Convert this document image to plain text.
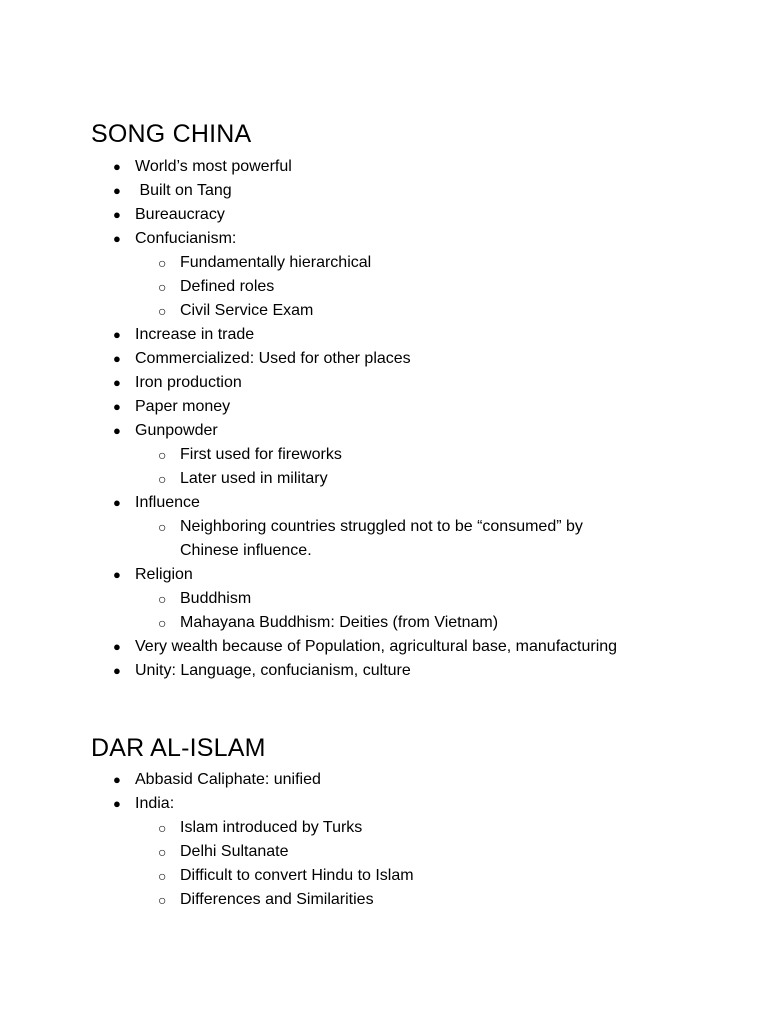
SONG CHINA
● World’s most powerful
● Built on Tang
● Bureaucracy
● Confucianism:
○ Fundamentally hierarchical
○ Defined roles
○ Civil Service Exam
● Increase in trade
● Commercialized: Used for other places
● Iron production
● Paper money
● Gunpowder
○ First used for fireworks
○ Later used in military
● Influence
○ Neighboring countries struggled not to be “consumed” by Chinese influence.
● Religion
○ Buddhism
○ Mahayana Buddhism: Deities (from Vietnam)
● Very wealth because of Population, agricultural base, manufacturing
● Unity: Language, confucianism, culture
DAR AL-ISLAM
● Abbasid Caliphate: unified
● India:
○ Islam introduced by Turks
○ Delhi Sultanate
○ Difficult to convert Hindu to Islam
○ Differences and Similarities
